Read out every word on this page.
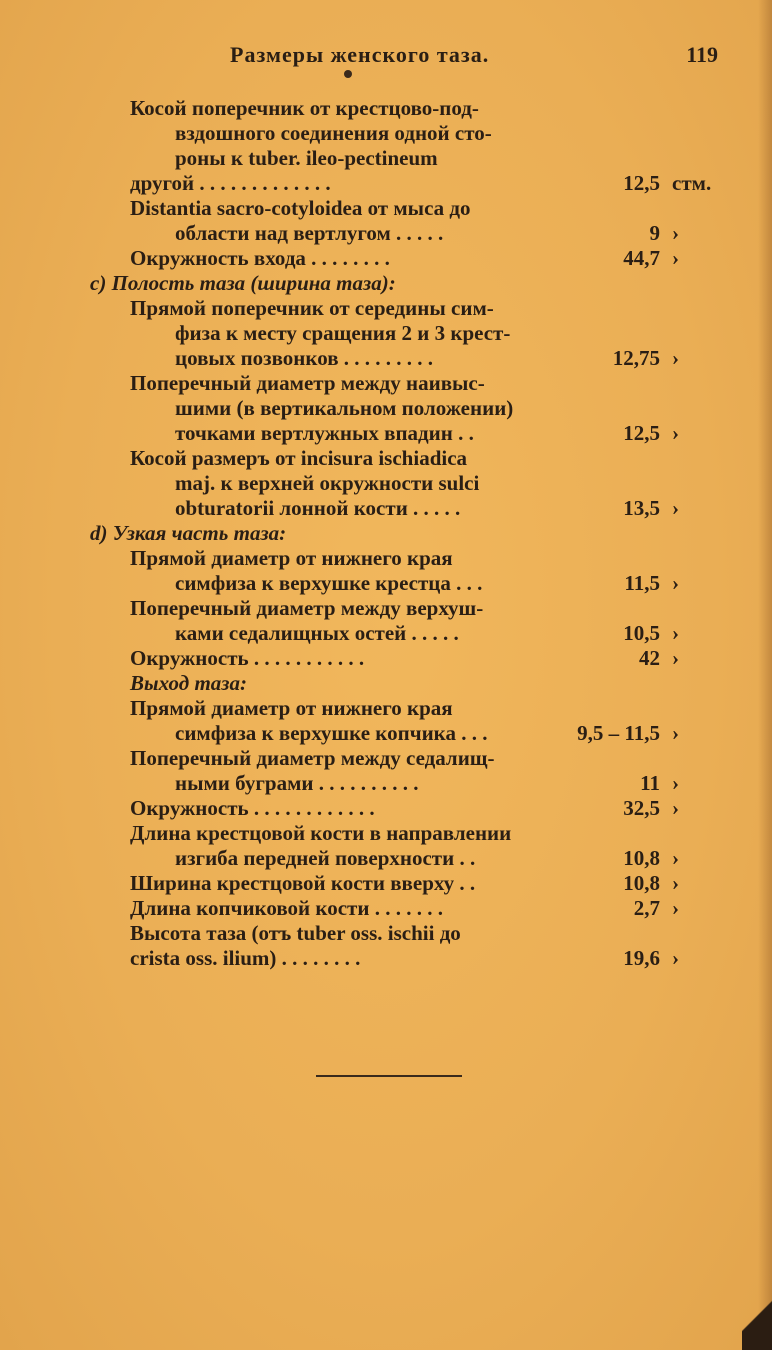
Размеры женского таза.	119
Косой поперечник от крестцово-под-
вздошного соединения одной сто-
роны к tuber. ileo-pectineum
другой . . . . . . . . . . . . .	12,5 стм.
Distantia sacro-cotyloidea от мыса до
области над вертлугом . . . . .	9 ›
Окружность входа . . . . . . . .	44,7 ›
c) Полость таза (ширина таза):
Прямой поперечник от середины сим-
физа к месту сращения 2 и 3 крест-
цовых позвонков . . . . . . . . .	12,75 ›
Поперечный диаметр между наивыс-
шими (в вертикальном положении)
точками вертлужных впадин . .	12,5 ›
Косой размеръ от incisura ischiadica
maj. к верхней окружности sulci
obturatorii лонной кости . . . . .	13,5 ›
d) Узкая часть таза:
Прямой диаметр от нижнего края
симфиза к верхушке крестца . . .	11,5 ›
Поперечный диаметр между верхуш-
ками седалищных остей . . . . .	10,5 ›
Окружность . . . . . . . . . . .	42 ›
Выход таза:
Прямой диаметр от нижнего края
симфиза к верхушке копчика . . .	9,5 – 11,5 ›
Поперечный диаметр между седалищ-
ными буграми . . . . . . . . . .	11 ›
Окружность . . . . . . . . . . . .	32,5 ›
Длина крестцовой кости в направлении
изгиба передней поверхности . .	10,8 ›
Ширина крестцовой кости вверху . .	10,8 ›
Длина копчиковой кости . . . . . . .	2,7 ›
Высота таза (отъ tuber oss. ischii до
crista oss. ilium) . . . . . . . .	19,6 ›
